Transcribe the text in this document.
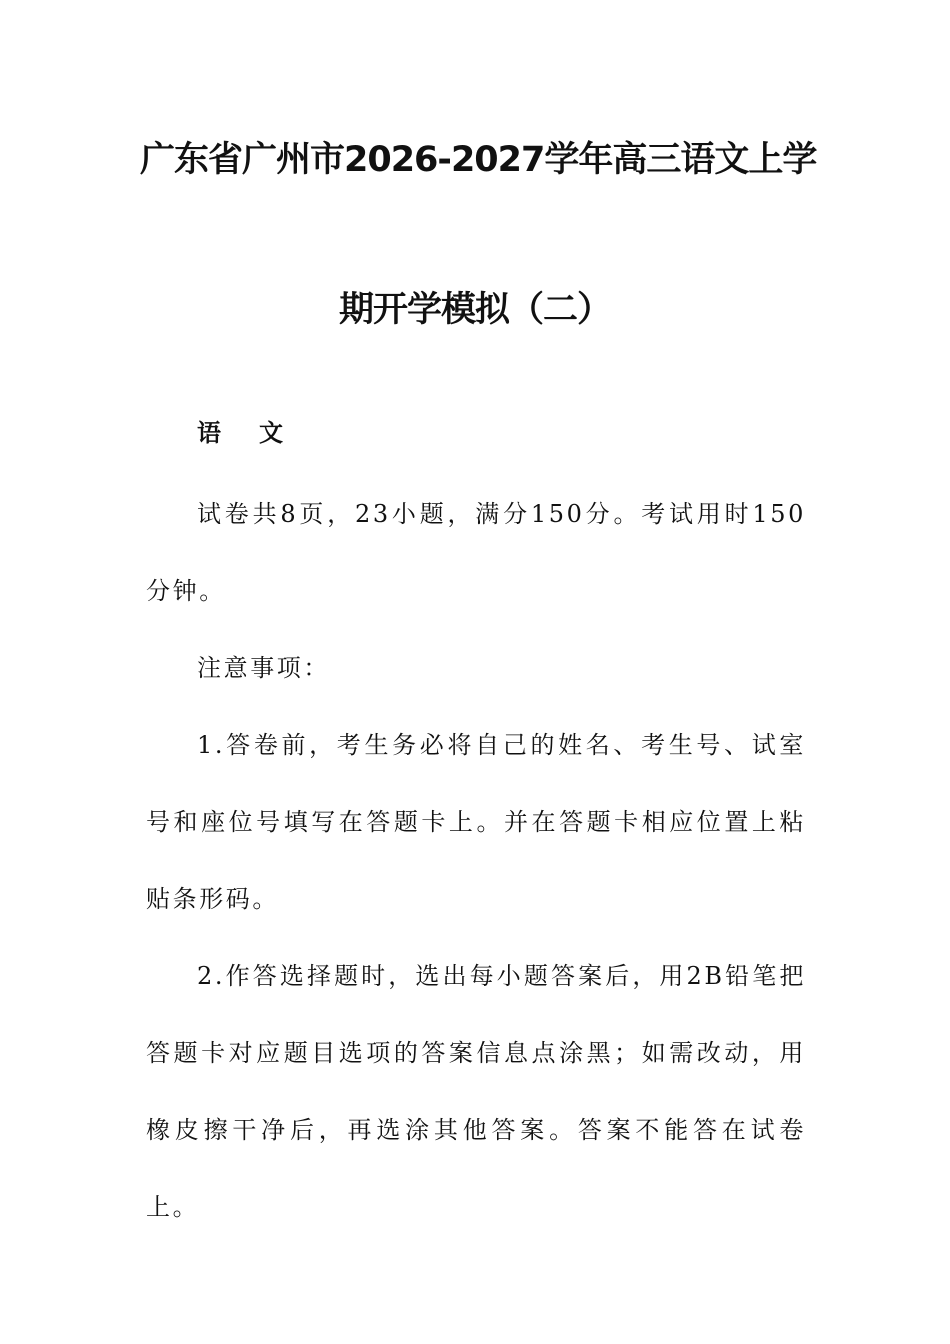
广东省广州市2026-2027学年高三语文上学
期开学模拟（二）
语文
试卷共8页，23小题，满分150分。考试用时150分钟。
注意事项：
1.答卷前，考生务必将自己的姓名、考生号、试室号和座位号填写在答题卡上。并在答题卡相应位置上粘贴条形码。
2.作答选择题时，选出每小题答案后，用2B铅笔把答题卡对应题目选项的答案信息点涂黑；如需改动，用橡皮擦干净后，再选涂其他答案。答案不能答在试卷上。
